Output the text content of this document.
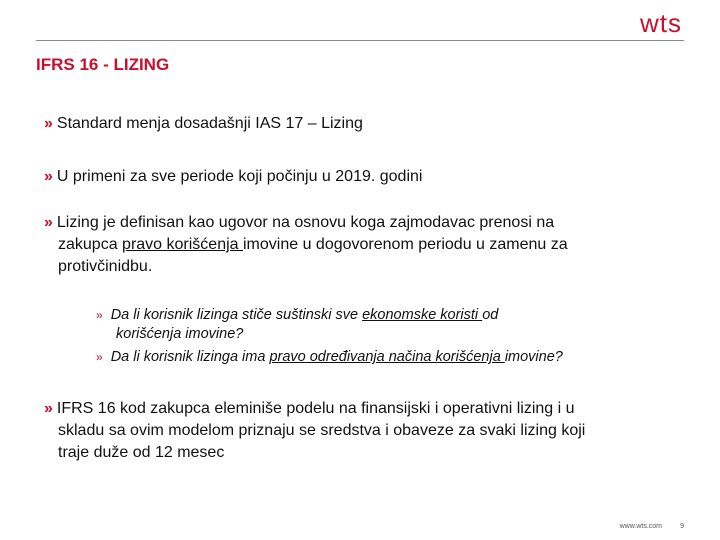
wts
IFRS 16 - LIZING
» Standard menja dosadašnji IAS 17 – Lizing
» U primeni za sve periode koji počinju u 2019. godini
» Lizing je definisan kao ugovor na osnovu koga zajmodavac prenosi na
zakupca pravo korišćenja imovine u dogovorenom periodu u zamenu za
protivčinidbu.
» Da li korisnik lizinga stiče suštinski sve ekonomske koristi od
korišćenja imovine?
» Da li korisnik lizinga ima pravo određivanja načina korišćenja imovine?
» IFRS 16 kod zakupca eleminiše podelu na finansijski i operativni lizing i u
skladu sa ovim modelom priznaju se sredstva i obaveze za svaki lizing koji
traje duže od 12 mesec
www.wts.com	9
